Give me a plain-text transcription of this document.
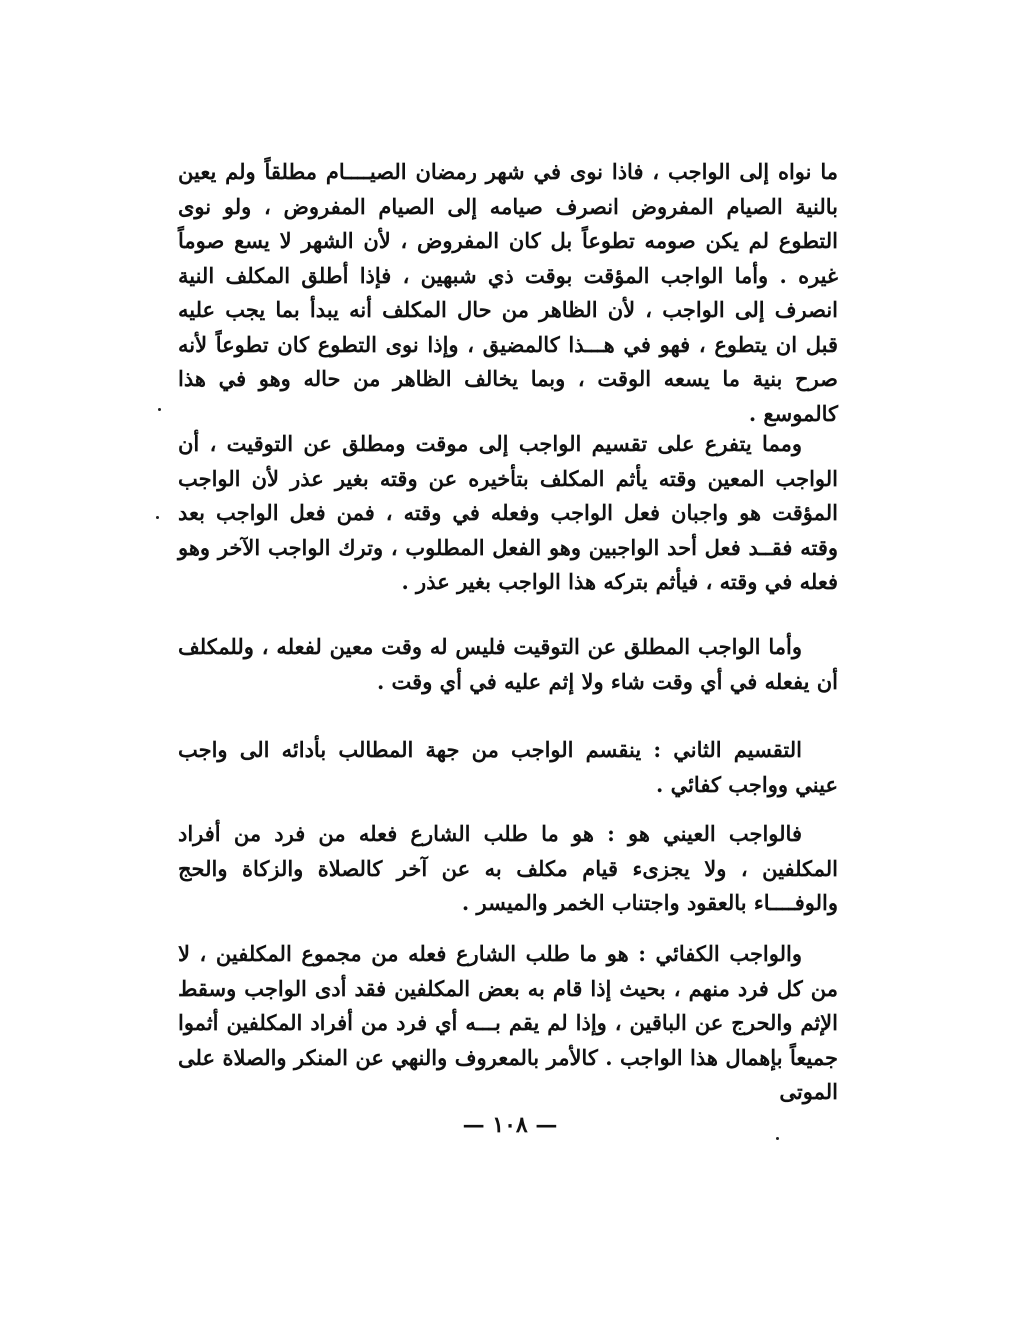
ما نواه إلى الواجب ، فاذا نوى في شهر رمضان الصيــــام مطلقاً ولم يعين بالنية الصيام المفروض انصرف صيامه إلى الصيام المفروض ، ولو نوى التطوع لم يكن صومه تطوعاً بل كان المفروض ، لأن الشهر لا يسع صوماً غيره . وأما الواجب المؤقت بوقت ذي شبهين ، فإذا أطلق المكلف النية انصرف إلى الواجب ، لأن الظاهر من حال المكلف أنه يبدأ بما يجب عليه قبل ان يتطوع ، فهو في هـــذا كالمضيق ، وإذا نوى التطوع كان تطوعاً لأنه صرح بنية ما يسعه الوقت ، وبما يخالف الظاهر من حاله وهو في هذا كالموسع .

ومما يتفرع على تقسيم الواجب إلى موقت ومطلق عن التوقيت ، أن الواجب المعين وقته يأثم المكلف بتأخيره عن وقته بغير عذر لأن الواجب المؤقت هو واجبان فعل الواجب وفعله في وقته ، فمن فعل الواجب بعد وقته فقــد فعل أحد الواجبين وهو الفعل المطلوب ، وترك الواجب الآخر وهو فعله في وقته ، فيأثم بتركه هذا الواجب بغير عذر .

وأما الواجب المطلق عن التوقيت فليس له وقت معين لفعله ، وللمكلف أن يفعله في أي وقت شاء ولا إثم عليه في أي وقت .

التقسيم الثاني : ينقسم الواجب من جهة المطالب بأدائه الى واجب عيني وواجب كفائي .

فالواجب العيني هو : هو ما طلب الشارع فعله من فرد من أفراد المكلفين ، ولا يجزىء قيام مكلف به عن آخر كالصلاة والزكاة والحج والوفــــاء بالعقود واجتناب الخمر والميسر .

والواجب الكفائي : هو ما طلب الشارع فعله من مجموع المكلفين ، لا من كل فرد منهم ، بحيث إذا قام به بعض المكلفين فقد أدى الواجب وسقط الإثم والحرج عن الباقين ، وإذا لم يقم بـــه أي فرد من أفراد المكلفين أثموا جميعاً بإهمال هذا الواجب . كالأمر بالمعروف والنهي عن المنكر والصلاة على الموتى

— ١٠٨ —
